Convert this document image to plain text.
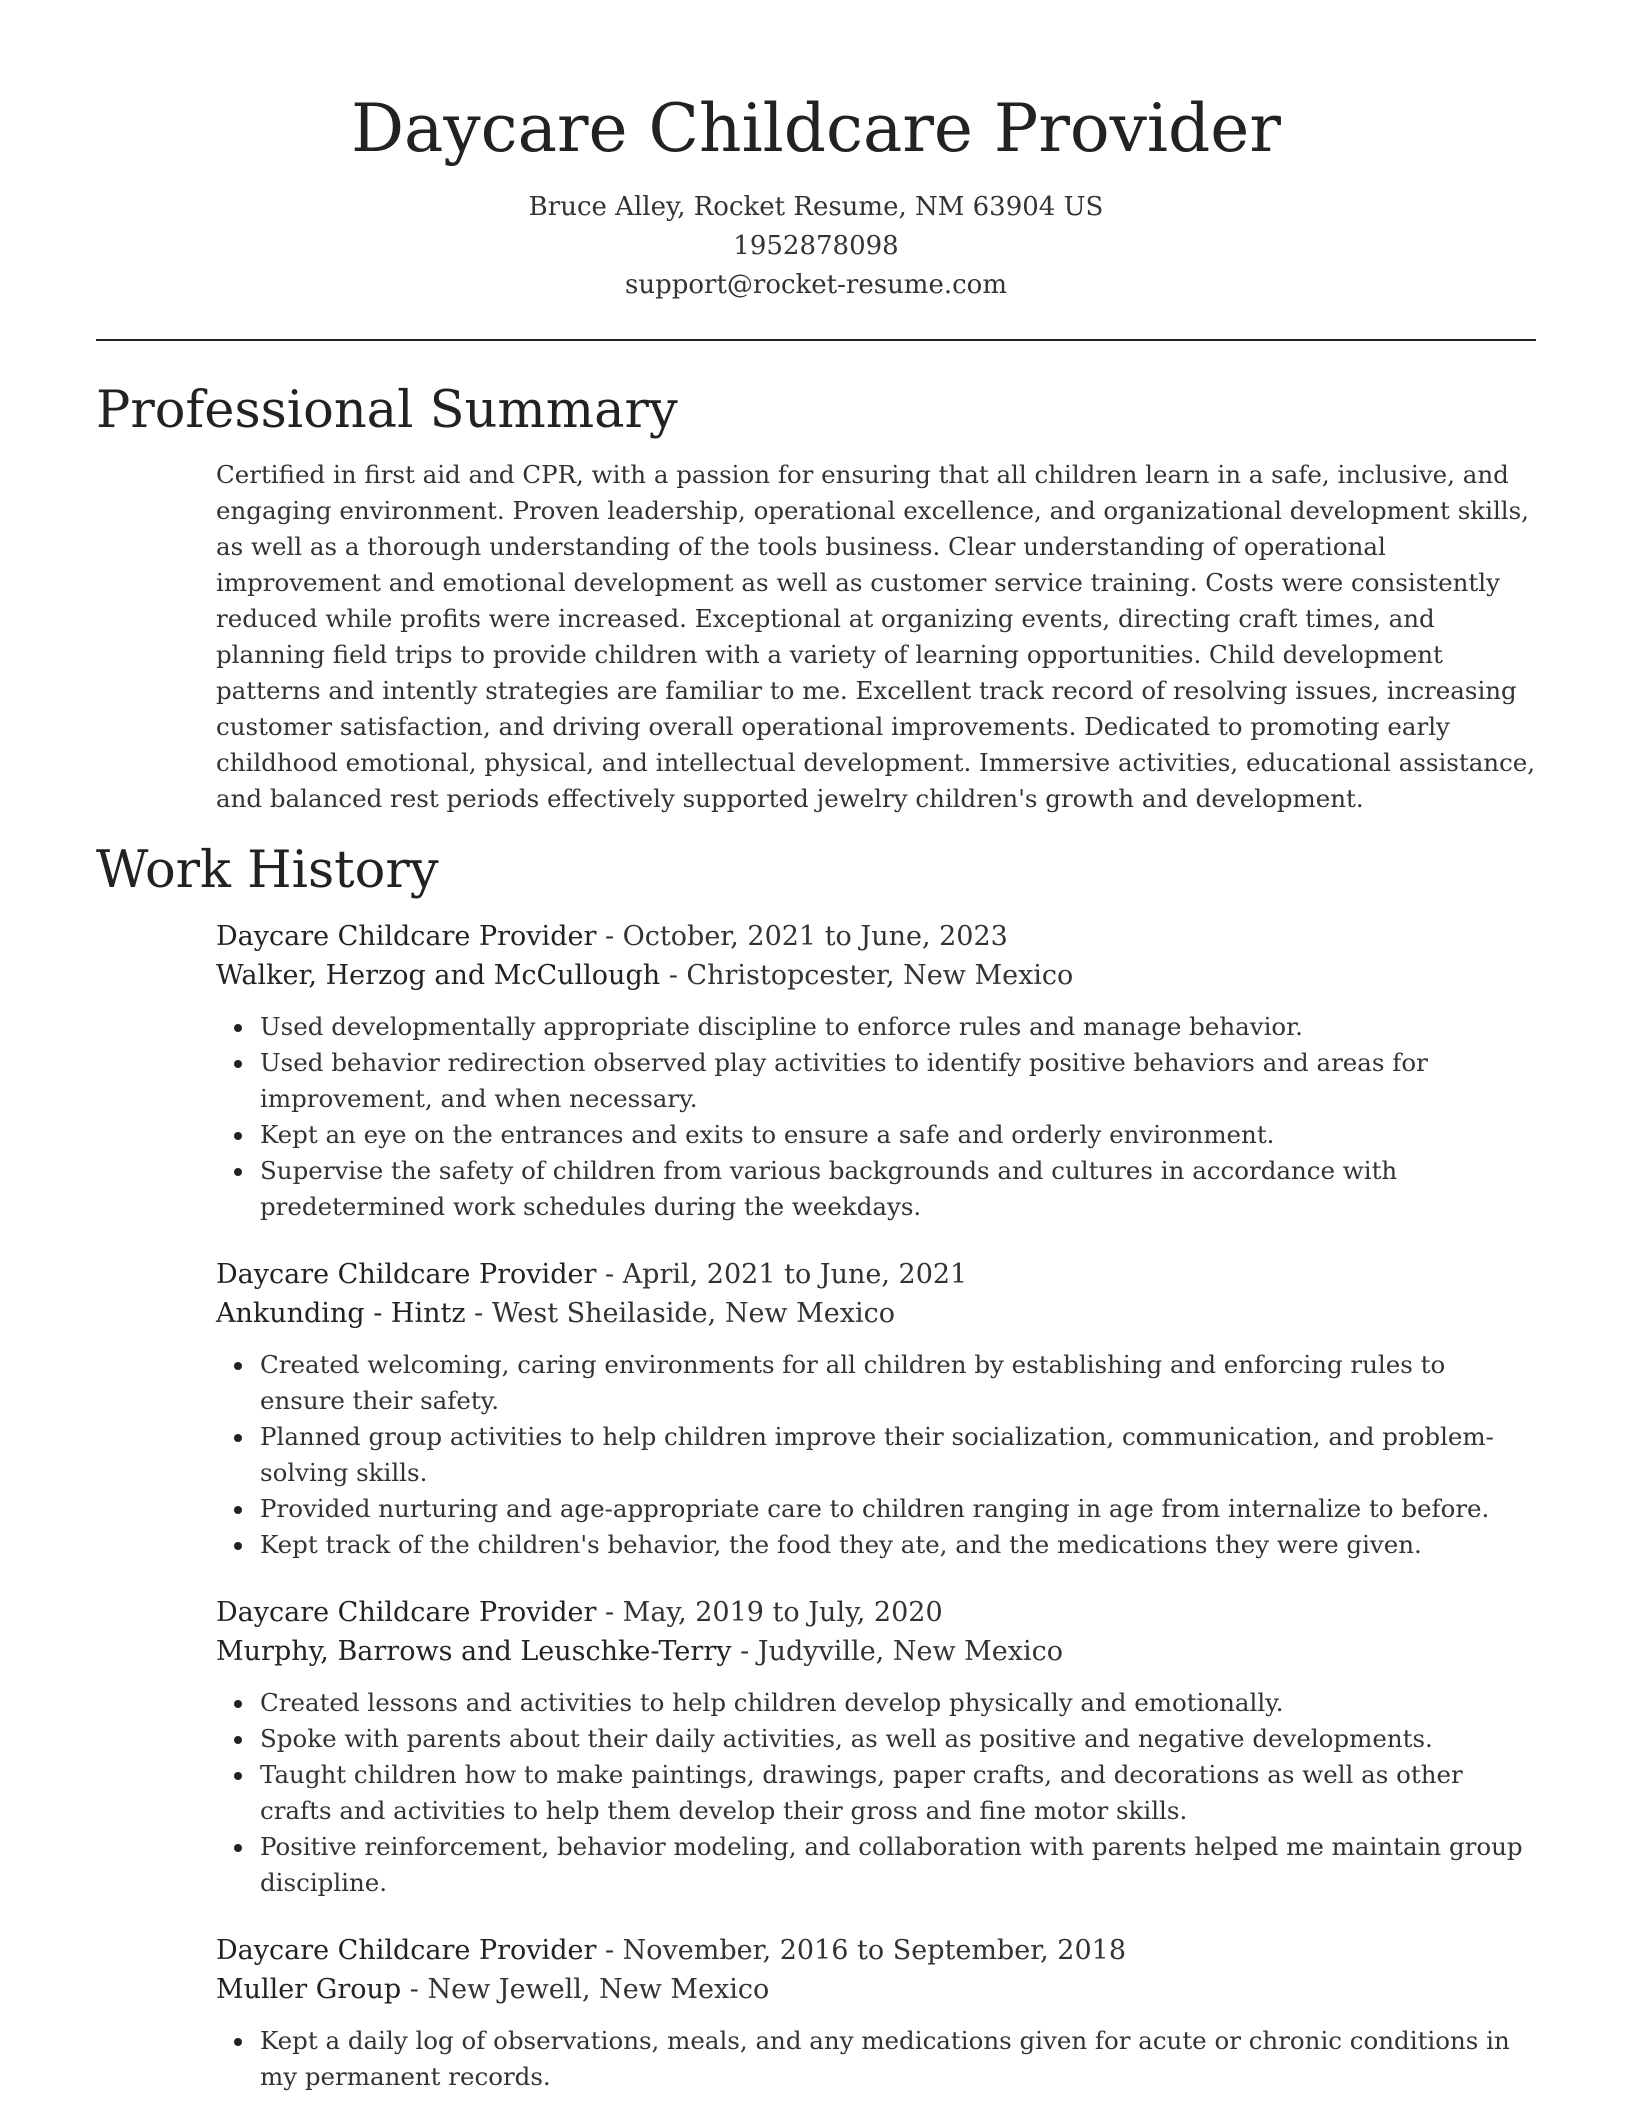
Daycare Childcare Provider
Bruce Alley, Rocket Resume, NM 63904 US
1952878098
support@rocket-resume.com
Professional Summary

Certified in first aid and CPR, with a passion for ensuring that all children learn in a safe, inclusive, and engaging environment. Proven leadership, operational excellence, and organizational development skills, as well as a thorough understanding of the tools business. Clear understanding of operational improvement and emotional development as well as customer service training. Costs were consistently reduced while profits were increased. Exceptional at organizing events, directing craft times, and planning field trips to provide children with a variety of learning opportunities. Child development patterns and intently strategies are familiar to me. Excellent track record of resolving issues, increasing customer satisfaction, and driving overall operational improvements. Dedicated to promoting early childhood emotional, physical, and intellectual development. Immersive activities, educational assistance, and balanced rest periods effectively supported jewelry children's growth and development.

Work History
Daycare Childcare Provider - October, 2021 to June, 2023
Walker, Herzog and McCullough - Christopcester, New Mexico
Used developmentally appropriate discipline to enforce rules and manage behavior.
Used behavior redirection observed play activities to identify positive behaviors and areas for improvement, and when necessary.
Kept an eye on the entrances and exits to ensure a safe and orderly environment.
Supervise the safety of children from various backgrounds and cultures in accordance with predetermined work schedules during the weekdays.
Daycare Childcare Provider - April, 2021 to June, 2021
Ankunding - Hintz - West Sheilaside, New Mexico
Created welcoming, caring environments for all children by establishing and enforcing rules to ensure their safety.
Planned group activities to help children improve their socialization, communication, and problem-solving skills.
Provided nurturing and age-appropriate care to children ranging in age from internalize to before.
Kept track of the children's behavior, the food they ate, and the medications they were given.
Daycare Childcare Provider - May, 2019 to July, 2020
Murphy, Barrows and Leuschke-Terry - Judyville, New Mexico
Created lessons and activities to help children develop physically and emotionally.
Spoke with parents about their daily activities, as well as positive and negative developments.
Taught children how to make paintings, drawings, paper crafts, and decorations as well as other crafts and activities to help them develop their gross and fine motor skills.
Positive reinforcement, behavior modeling, and collaboration with parents helped me maintain group discipline.
Daycare Childcare Provider - November, 2016 to September, 2018
Muller Group - New Jewell, New Mexico
Kept a daily log of observations, meals, and any medications given for acute or chronic conditions in my permanent records.
